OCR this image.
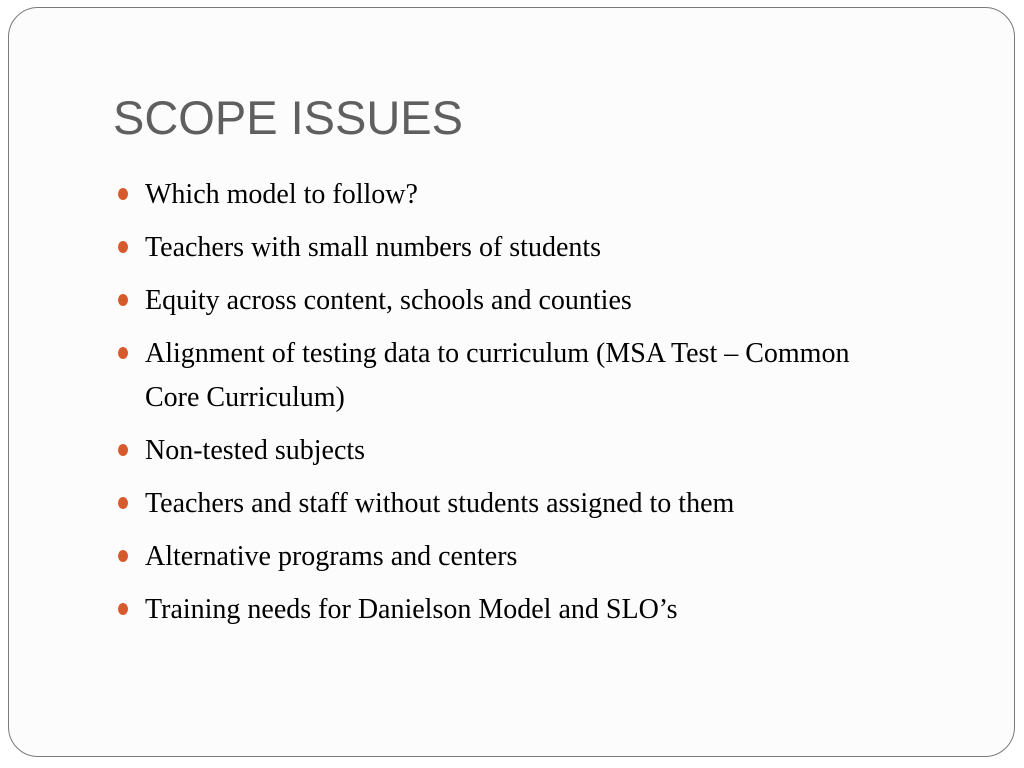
SCOPE ISSUES
Which model to follow?
Teachers with small numbers of students
Equity across content, schools and counties
Alignment of testing data to curriculum (MSA Test – Common Core Curriculum)
Non-tested subjects
Teachers and staff without students assigned to them
Alternative programs and centers
Training needs for Danielson Model and SLO’s
